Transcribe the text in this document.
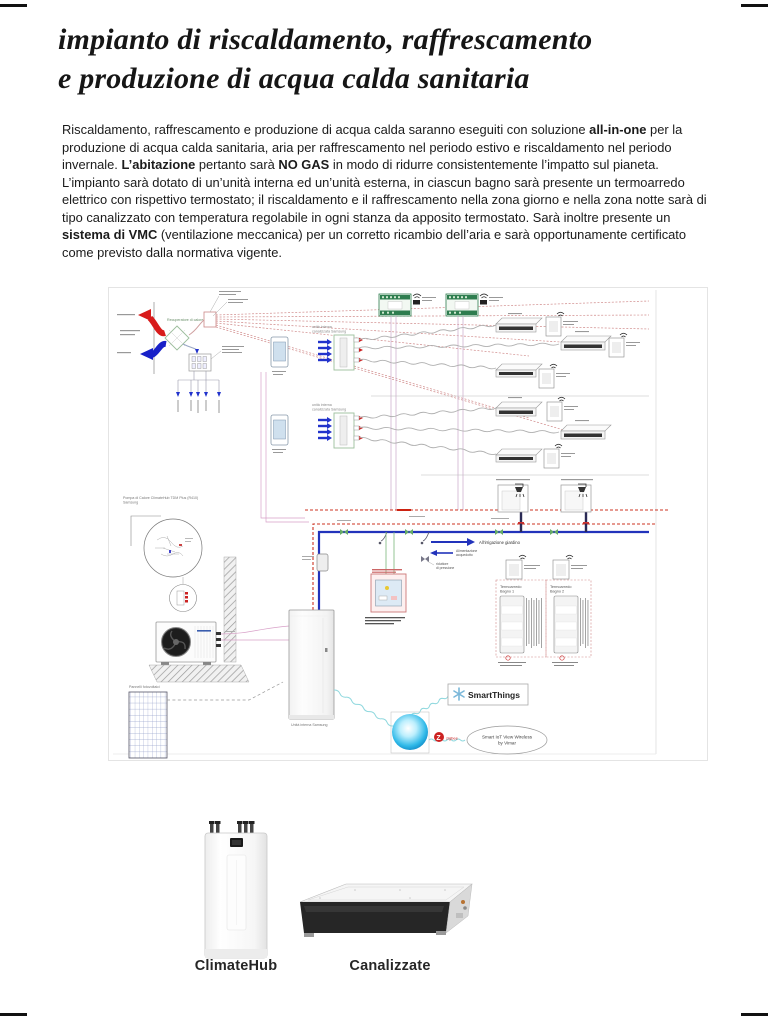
impianto di riscaldamento, raffrescamento
e produzione di acqua calda sanitaria

Riscaldamento, raffrescamento e produzione di acqua calda saranno eseguiti con soluzione all-in-one per la produzione di acqua calda sanitaria, aria per raffrescamento nel periodo estivo e riscaldamento nel periodo invernale. L’abitazione pertanto sarà NO GAS in modo di ridurre consistentemente l’impatto sul pianeta. L’impianto sarà dotato di un’unità interna ed un’unità esterna, in ciascun bagno sarà presente un termoarredo elettrico con rispettivo termostato; il riscaldamento e il raffrescamento nella zona giorno e nella zona notte sarà di tipo canalizzato con temperatura regolabile in ogni stanza da apposito termostato. Sarà inoltre presente un sistema di VMC (ventilazione meccanica) per un corretto ricambio dell’aria e sarà opportunamente certificato come previsto dalla normativa vigente.

Recuperatore di calore
unità interna
canalizzata Samsung
unità interna
canalizzata Samsung
All’irrigazione giardino
Alimentazione
acquedotto
riduttore
di pressione
Termoarredo
Bagno 1
Termoarredo
Bagno 2
Pompa di Calore ClimateHub TDM Plus (R410)
Samsung
Pannelli fotovoltaici
Unità interna Samsung
SmartThings
Z zigbee	Smart IoT View Wireless
by Vimar
ClimateHub	Canalizzate
